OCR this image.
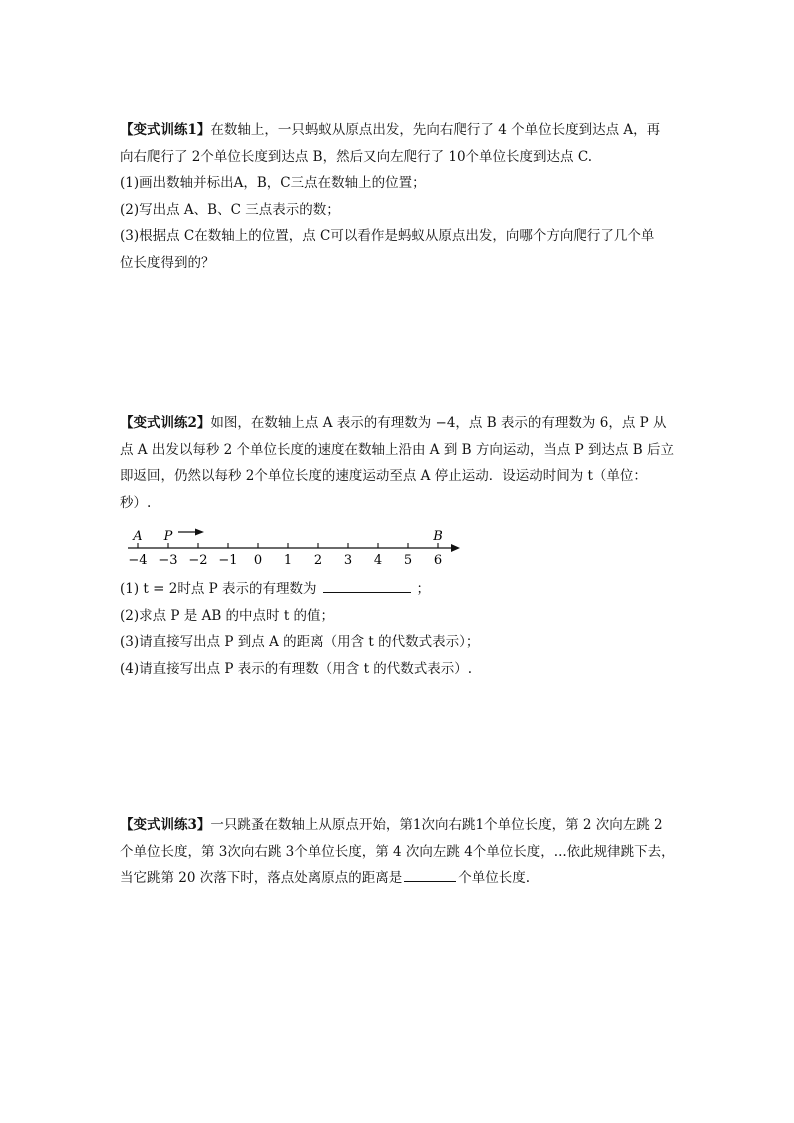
【变式训练1】在数轴上，一只蚂蚁从原点出发，先向右爬行了 4 个单位长度到达点 A，再
向右爬行了 2个单位长度到达点 B，然后又向左爬行了 10个单位长度到达点 C.
(1)画出数轴并标出A，B，C三点在数轴上的位置；
(2)写出点 A、B、C 三点表示的数；
(3)根据点 C在数轴上的位置，点 C可以看作是蚂蚁从原点出发，向哪个方向爬行了几个单
位长度得到的？
【变式训练2】如图，在数轴上点 A 表示的有理数为 −4，点 B 表示的有理数为 6，点 P 从
点 A 出发以每秒 2 个单位长度的速度在数轴上沿由 A 到 B 方向运动，当点 P 到达点 B 后立
即返回，仍然以每秒 2个单位长度的速度运动至点 A 停止运动．设运动时间为 t（单位：
秒）.
−4 −3 −2 −1 0 1 2 3 4 5 6
A P	B
(1) t = 2时点 P 表示的有理数为	；
(2)求点 P 是 AB 的中点时 t 的值；
(3)请直接写出点 P 到点 A 的距离（用含 t 的代数式表示）；
(4)请直接写出点 P 表示的有理数（用含 t 的代数式表示）.
【变式训练3】一只跳蚤在数轴上从原点开始，第1次向右跳1个单位长度，第 2 次向左跳 2
个单位长度，第 3次向右跳 3个单位长度，第 4 次向左跳 4个单位长度，...依此规律跳下去，
当它跳第 20 次落下时，落点处离原点的距离是	个单位长度.
